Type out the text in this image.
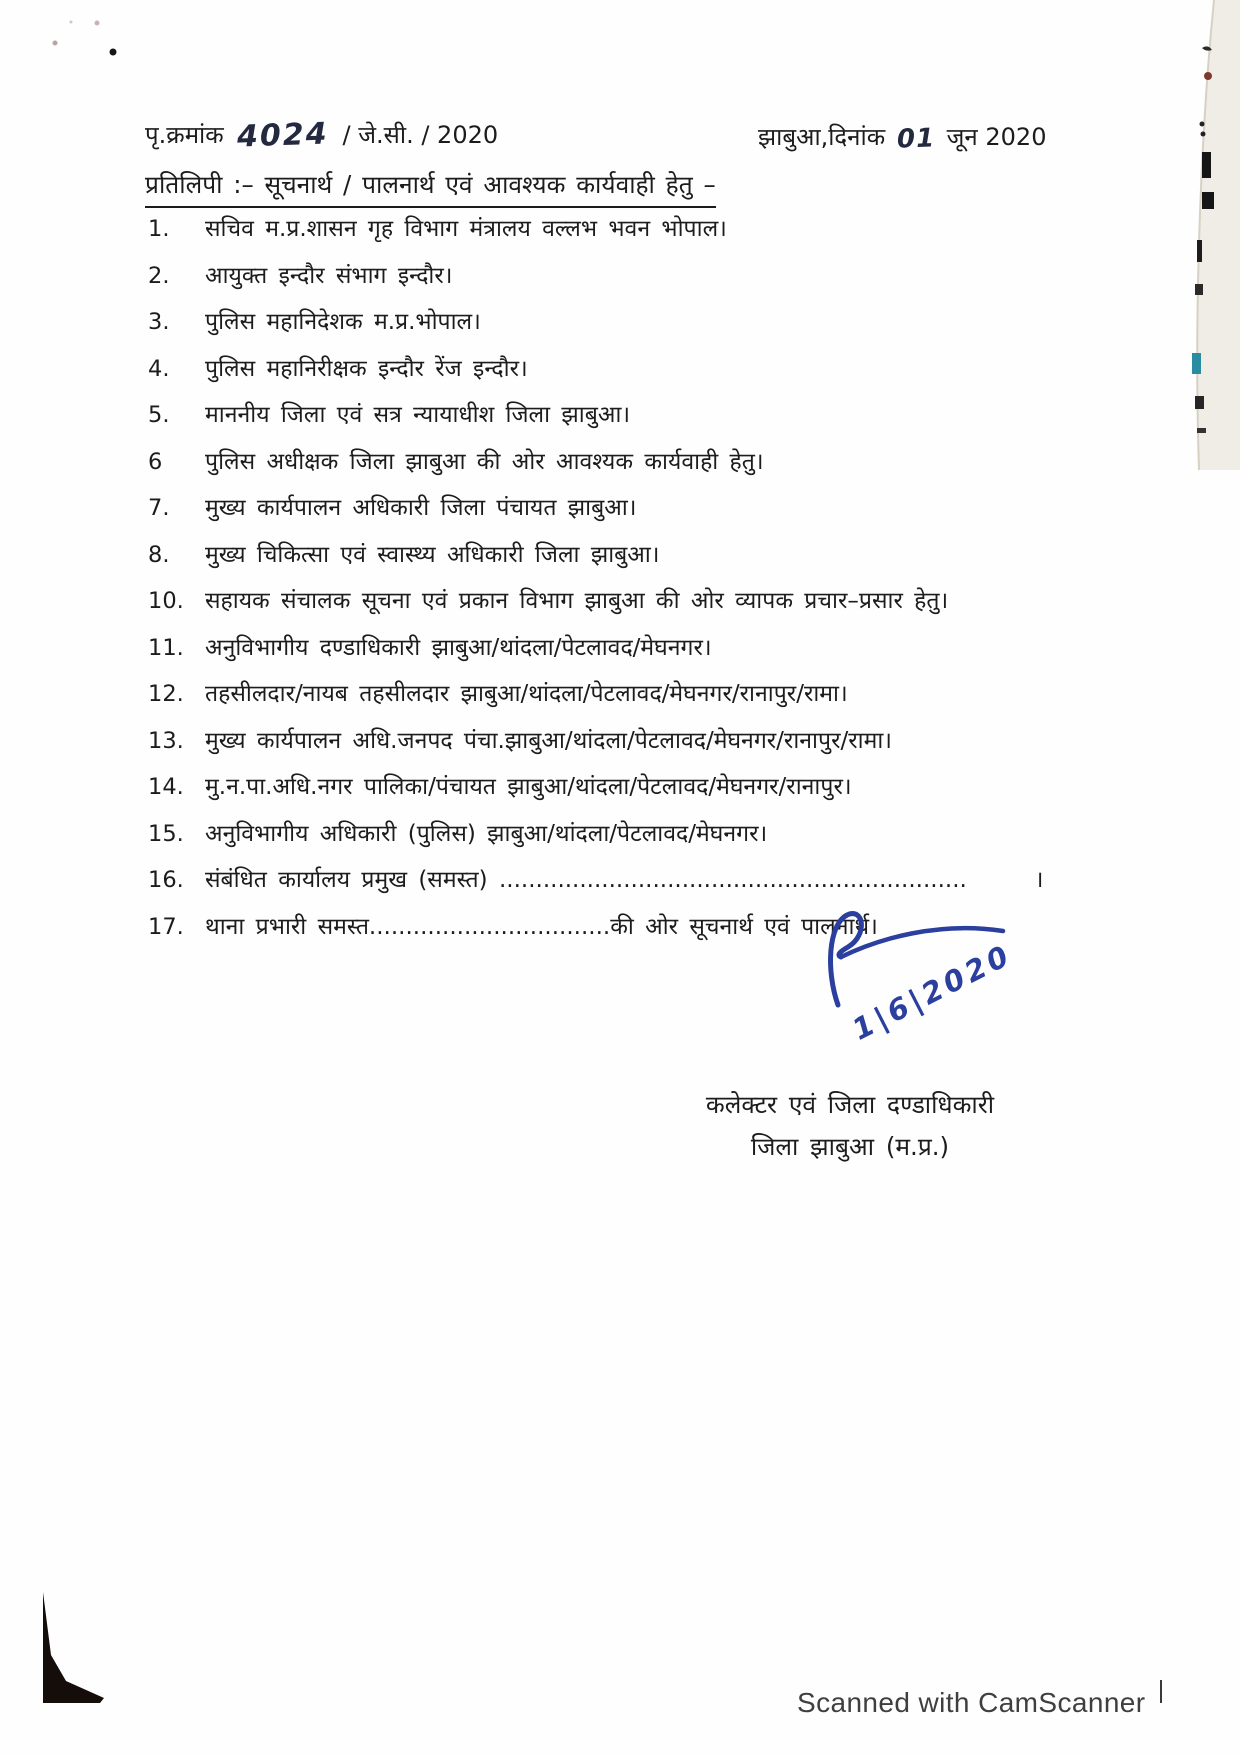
पृ.क्रमांक 4024 / जे.सी. / 2020	झाबुआ,दिनांक 01 जून 2020
प्रतिलिपी :– सूचनार्थ / पालनार्थ एवं आवश्यक कार्यवाही हेतु –
1.	सचिव म.प्र.शासन गृह विभाग मंत्रालय वल्लभ भवन भोपाल।
2.	आयुक्त इन्दौर संभाग इन्दौर।
3.	पुलिस महानिदेशक म.प्र.भोपाल।
4.	पुलिस महानिरीक्षक इन्दौर रेंज इन्दौर।
5.	माननीय जिला एवं सत्र न्यायाधीश जिला झाबुआ।
6	पुलिस अधीक्षक जिला झाबुआ की ओर आवश्यक कार्यवाही हेतु।
7.	मुख्य कार्यपालन अधिकारी जिला पंचायत झाबुआ।
8.	मुख्य चिकित्सा एवं स्वास्थ्य अधिकारी जिला झाबुआ।
10. सहायक संचालक सूचना एवं प्रकान विभाग झाबुआ की ओर व्यापक प्रचार–प्रसार हेतु।
11. अनुविभागीय दण्डाधिकारी झाबुआ/थांदला/पेटलावद/मेघनगर।
12. तहसीलदार/नायब तहसीलदार झाबुआ/थांदला/पेटलावद/मेघनगर/रानापुर/रामा।
13. मुख्य कार्यपालन अधि.जनपद पंचा.झाबुआ/थांदला/पेटलावद/मेघनगर/रानापुर/रामा।
14. मु.न.पा.अधि.नगर पालिका/पंचायत झाबुआ/थांदला/पेटलावद/मेघनगर/रानापुर।
15. अनुविभागीय अधिकारी (पुलिस) झाबुआ/थांदला/पेटलावद/मेघनगर।
16. संबंधित कार्यालय प्रमुख (समस्त) ................................................................      ।
17. थाना प्रभारी समस्त.................................की ओर सूचनार्थ एवं पालनार्थ।
1|6|2020
कलेक्टर एवं जिला दण्डाधिकारी
जिला झाबुआ (म.प्र.)
Scanned with CamScanner
